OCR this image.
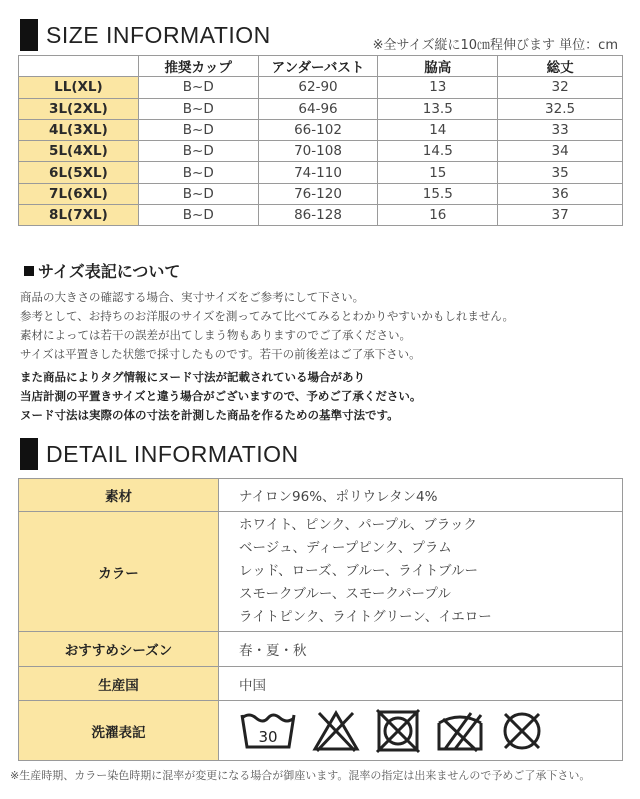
SIZE INFORMATION	※全サイズ縦に10㎝程伸びます 単位：cm
	推奨カップ	アンダーバスト	脇高	総丈
LL(XL)	B~D	62-90	13	32
3L(2XL)	B~D	64-96	13.5	32.5
4L(3XL)	B~D	66-102	14	33
5L(4XL)	B~D	70-108	14.5	34
6L(5XL)	B~D	74-110	15	35
7L(6XL)	B~D	76-120	15.5	36
8L(7XL)	B~D	86-128	16	37
サイズ表記について
商品の大きさの確認する場合、実寸サイズをご参考にして下さい。
参考として、お持ちのお洋服のサイズを測ってみて比べてみるとわかりやすいかもしれません。
素材によっては若干の誤差が出てしまう物もありますのでご了承ください。
サイズは平置きした状態で採寸したものです。若干の前後差はご了承下さい。
また商品によりタグ情報にヌード寸法が記載されている場合があり
当店計測の平置きサイズと違う場合がございますので、予めご了承ください。
ヌード寸法は実際の体の寸法を計測した商品を作るための基準寸法です。
DETAIL INFORMATION
素材	ナイロン96%、ポリウレタン4%
カラー	ホワイト、ピンク、パープル、ブラック
ベージュ、ディープピンク、プラム
レッド、ローズ、ブルー、ライトブルー
スモークブルー、スモークパープル
ライトピンク、ライトグリーン、イエロー

おすすめシーズン	春・夏・秋
生産国	中国
洗濯表記	30
※生産時期、カラー染色時期に混率が変更になる場合が御座います。混率の指定は出来ませんので予めご了承下さい。
